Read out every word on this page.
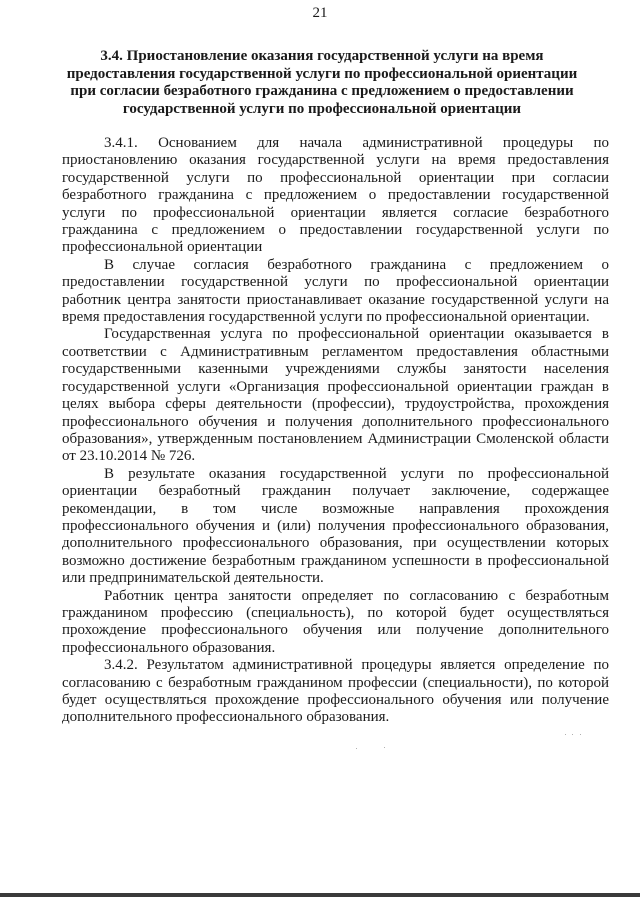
21
3.4. Приостановление оказания государственной услуги на время
предоставления государственной услуги по профессиональной ориентации
при согласии безработного гражданина с предложением о предоставлении
государственной услуги по профессиональной ориентации

3.4.1. Основанием для начала административной процедуры по
приостановлению оказания государственной услуги на время предоставления
государственной услуги по профессиональной ориентации при согласии
безработного гражданина с предложением о предоставлении государственной
услуги по профессиональной ориентации является согласие безработного
гражданина с предложением о предоставлении государственной услуги по
профессиональной ориентации

В случае согласия безработного гражданина с предложением о
предоставлении государственной услуги по профессиональной ориентации
работник центра занятости приостанавливает оказание государственной услуги на
время предоставления государственной услуги по профессиональной ориентации.

Государственная услуга по профессиональной ориентации оказывается в
соответствии с Административным регламентом предоставления областными
государственными казенными учреждениями службы занятости населения
государственной услуги «Организация профессиональной ориентации граждан в
целях выбора сферы деятельности (профессии), трудоустройства, прохождения
профессионального обучения и получения дополнительного профессионального
образования», утвержденным постановлением Администрации Смоленской области
от 23.10.2014 № 726.

В результате оказания государственной услуги по профессиональной
ориентации безработный гражданин получает заключение, содержащее
рекомендации, в том числе возможные направления прохождения
профессионального обучения и (или) получения профессионального образования,
дополнительного профессионального образования, при осуществлении которых
возможно достижение безработным гражданином успешности в профессиональной
или предпринимательской деятельности.

Работник центра занятости определяет по согласованию с безработным
гражданином профессию (специальность), по которой будет осуществляться
прохождение профессионального обучения или получение дополнительного
профессионального образования.

3.4.2. Результатом административной процедуры является определение по
согласованию с безработным гражданином профессии (специальности), по которой
будет осуществляться прохождение профессионального обучения или получение
дополнительного профессионального образования.
